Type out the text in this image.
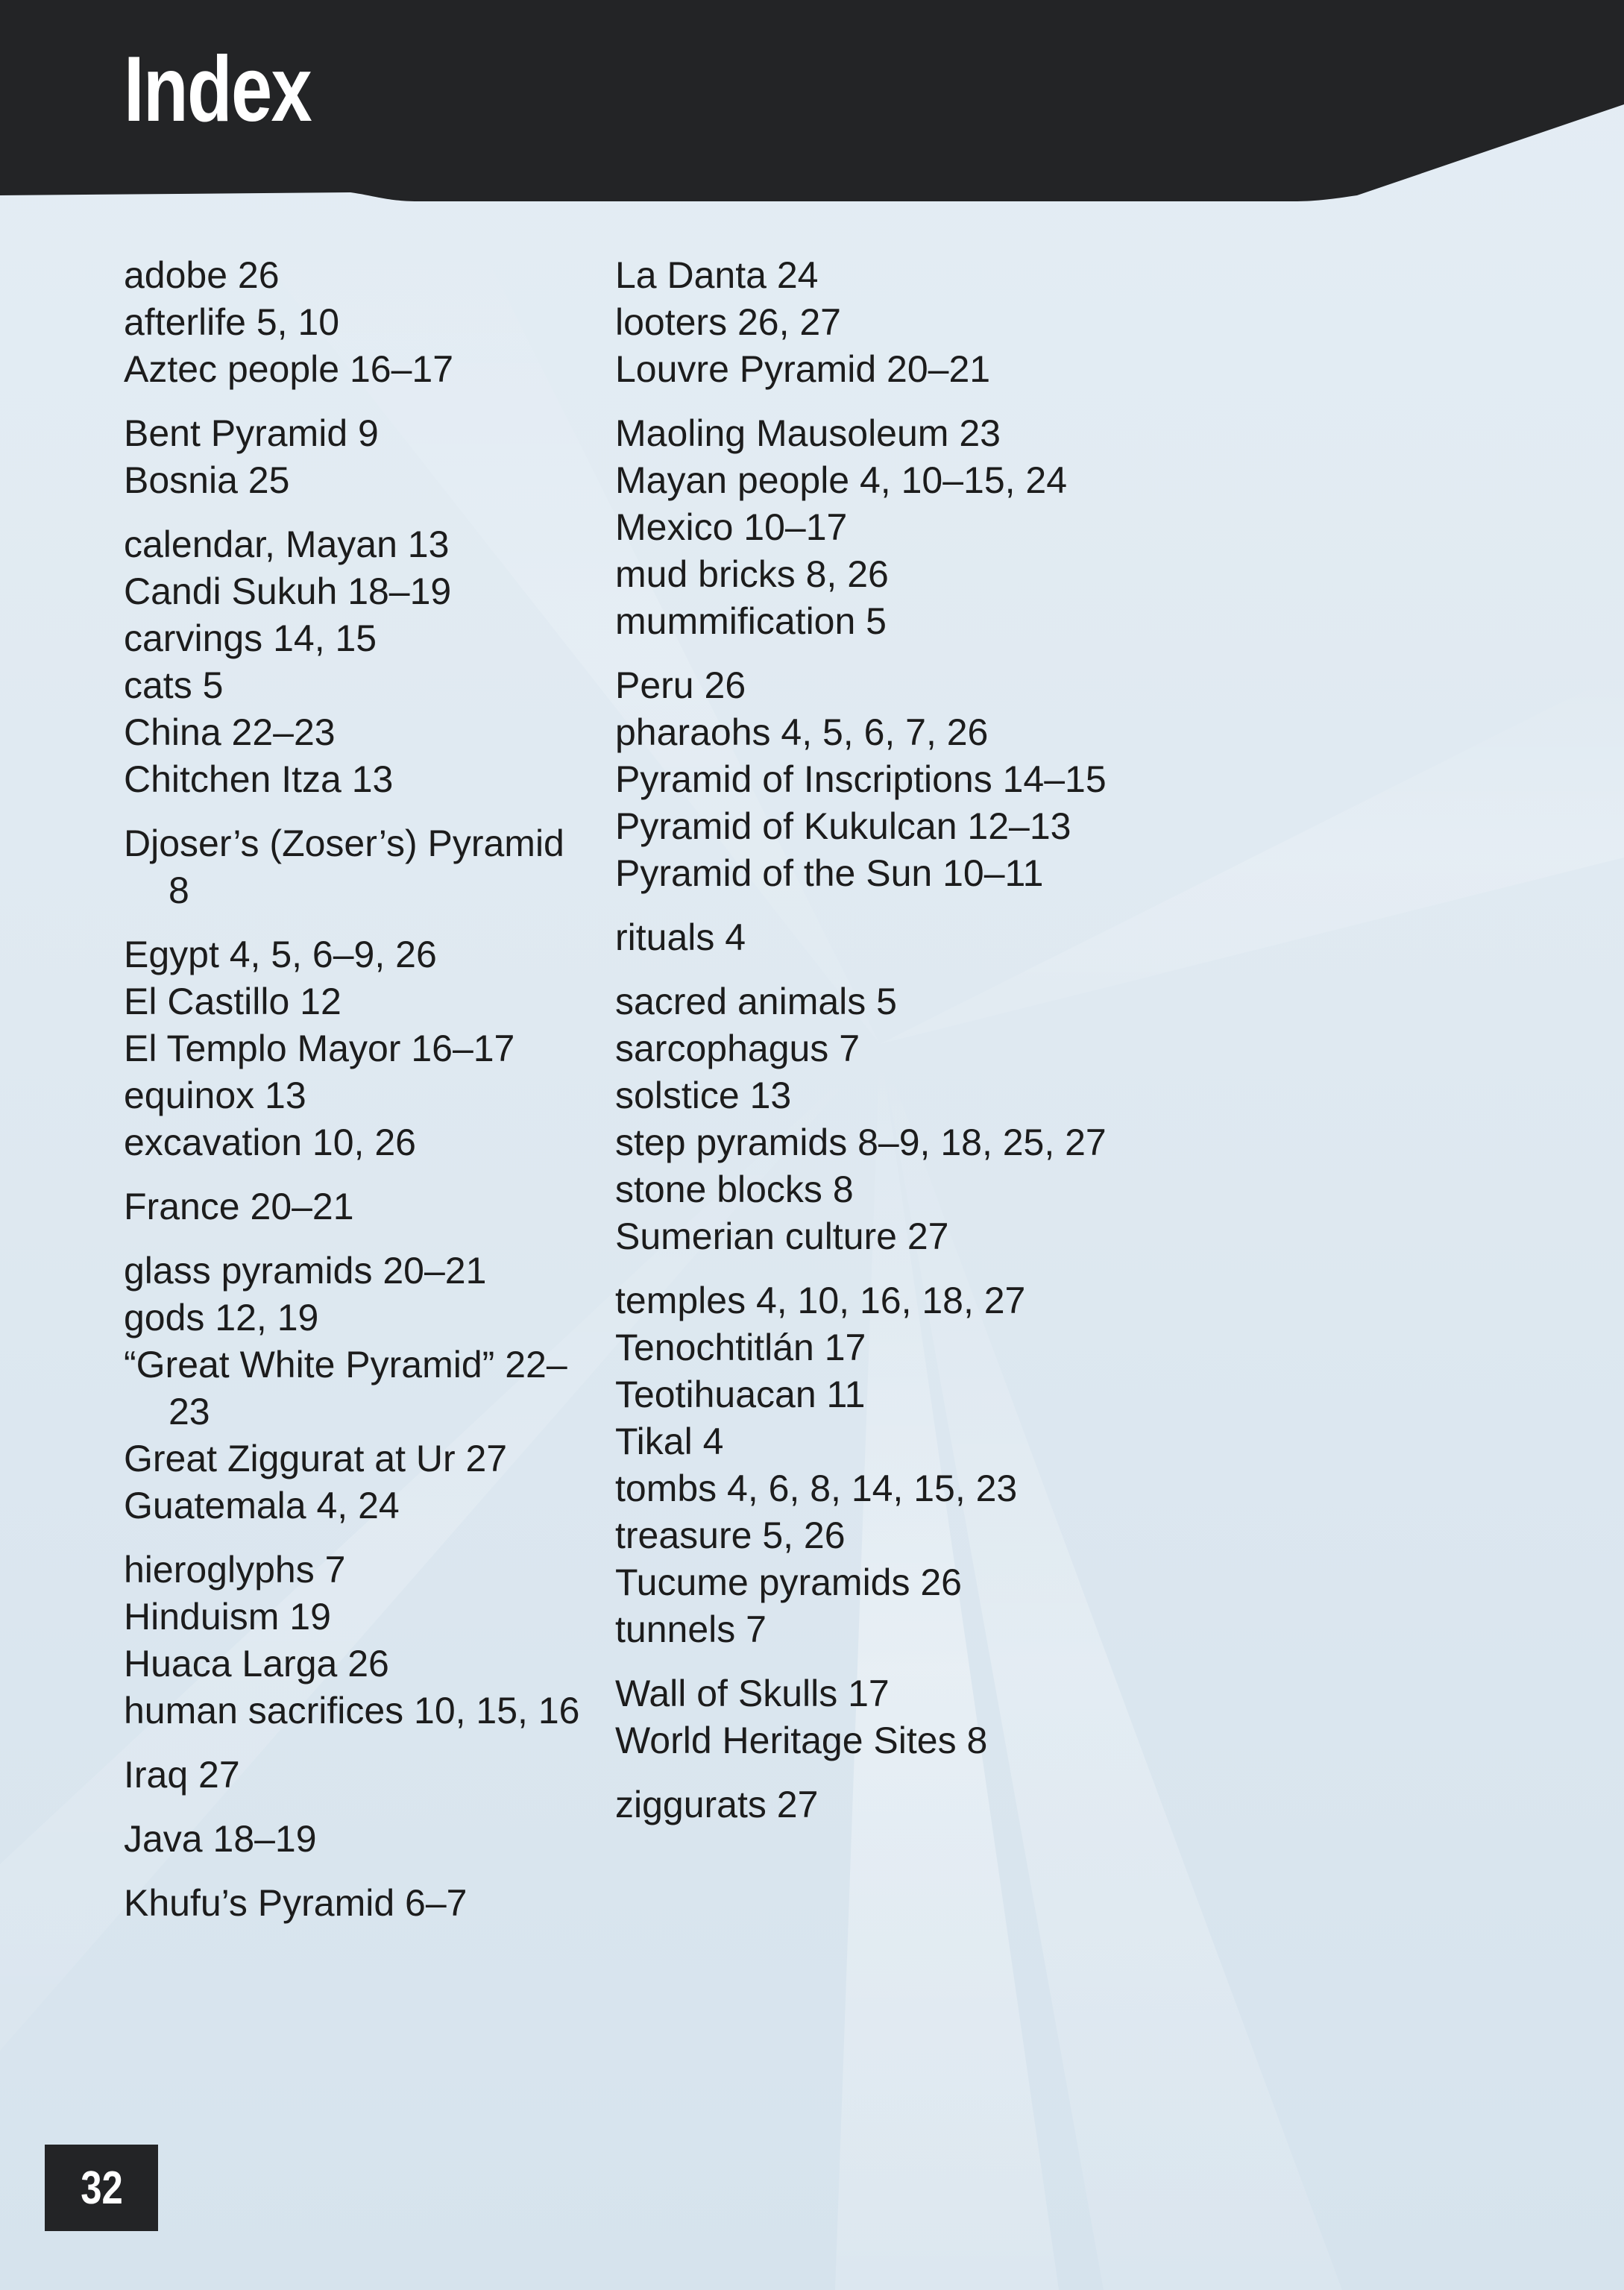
Index
adobe 26
afterlife 5, 10
Aztec people 16–17
Bent Pyramid 9
Bosnia 25
calendar, Mayan 13
Candi Sukuh 18–19
carvings 14, 15
cats 5
China 22–23
Chitchen Itza 13
Djoser’s (Zoser’s) Pyramid 8
Egypt 4, 5, 6–9, 26
El Castillo 12
El Templo Mayor 16–17
equinox 13
excavation 10, 26
France 20–21
glass pyramids 20–21
gods 12, 19
“Great White Pyramid” 22–23
Great Ziggurat at Ur 27
Guatemala 4, 24
hieroglyphs 7
Hinduism 19
Huaca Larga 26
human sacrifices 10, 15, 16
Iraq 27
Java 18–19
Khufu’s Pyramid 6–7
La Danta 24
looters 26, 27
Louvre Pyramid 20–21
Maoling Mausoleum 23
Mayan people 4, 10–15, 24
Mexico 10–17
mud bricks 8, 26
mummification 5
Peru 26
pharaohs 4, 5, 6, 7, 26
Pyramid of Inscriptions 14–15
Pyramid of Kukulcan 12–13
Pyramid of the Sun 10–11
rituals 4
sacred animals 5
sarcophagus 7
solstice 13
step pyramids 8–9, 18, 25, 27
stone blocks 8
Sumerian culture 27
temples 4, 10, 16, 18, 27
Tenochtitlán 17
Teotihuacan 11
Tikal 4
tombs 4, 6, 8, 14, 15, 23
treasure 5, 26
Tucume pyramids 26
tunnels 7
Wall of Skulls 17
World Heritage Sites 8
ziggurats 27
32
